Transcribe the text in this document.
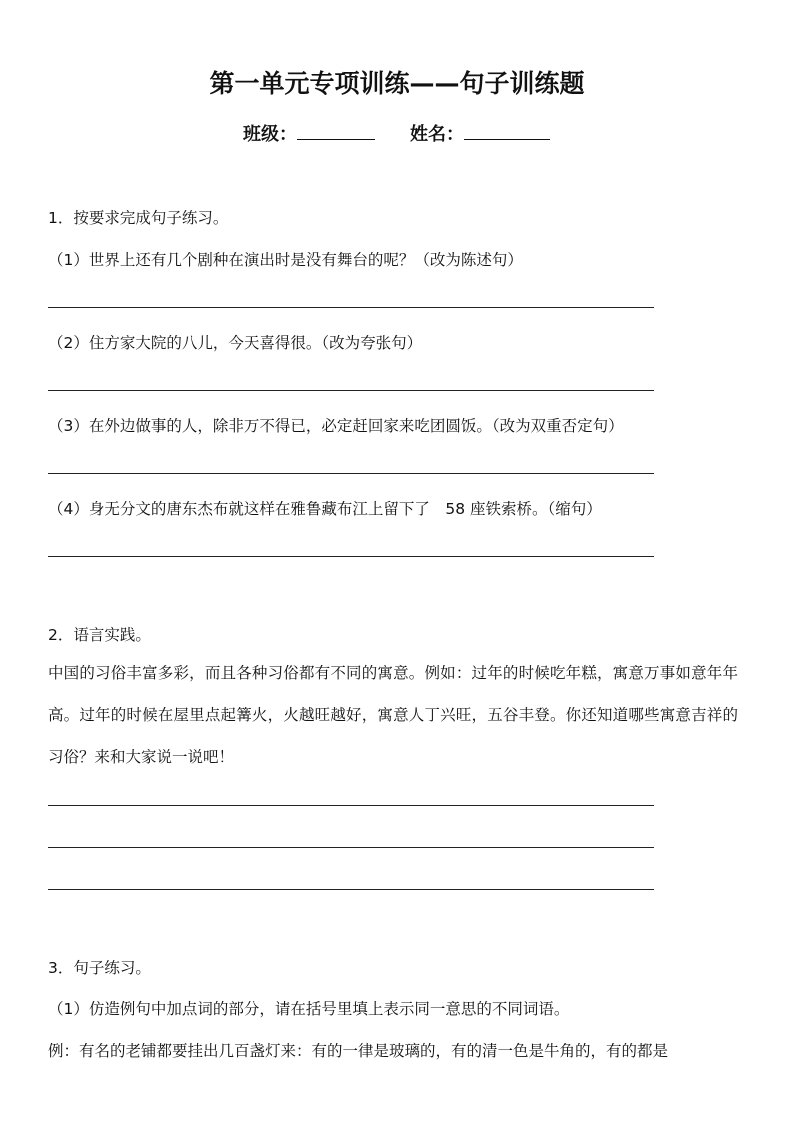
第一单元专项训练——句子训练题
班级：	姓名：
1．按要求完成句子练习。
（1）世界上还有几个剧种在演出时是没有舞台的呢？（改为陈述句）
（2）住方家大院的八儿，今天喜得很。（改为夸张句）
（3）在外边做事的人，除非万不得已，必定赶回家来吃团圆饭。（改为双重否定句）
（4）身无分文的唐东杰布就这样在雅鲁藏布江上留下了　58 座铁索桥。（缩句）
2．语言实践。
中国的习俗丰富多彩，而且各种习俗都有不同的寓意。例如：过年的时候吃年糕，寓意万事如意年年高。过年的时候在屋里点起篝火，火越旺越好，寓意人丁兴旺，五谷丰登。你还知道哪些寓意吉祥的习俗？来和大家说一说吧！
3．句子练习。
（1）仿造例句中加点词的部分，请在括号里填上表示同一意思的不同词语。
例：有名的老铺都要挂出几百盏灯来：有的一律是玻璃的，有的清一色是牛角的，有的都是
